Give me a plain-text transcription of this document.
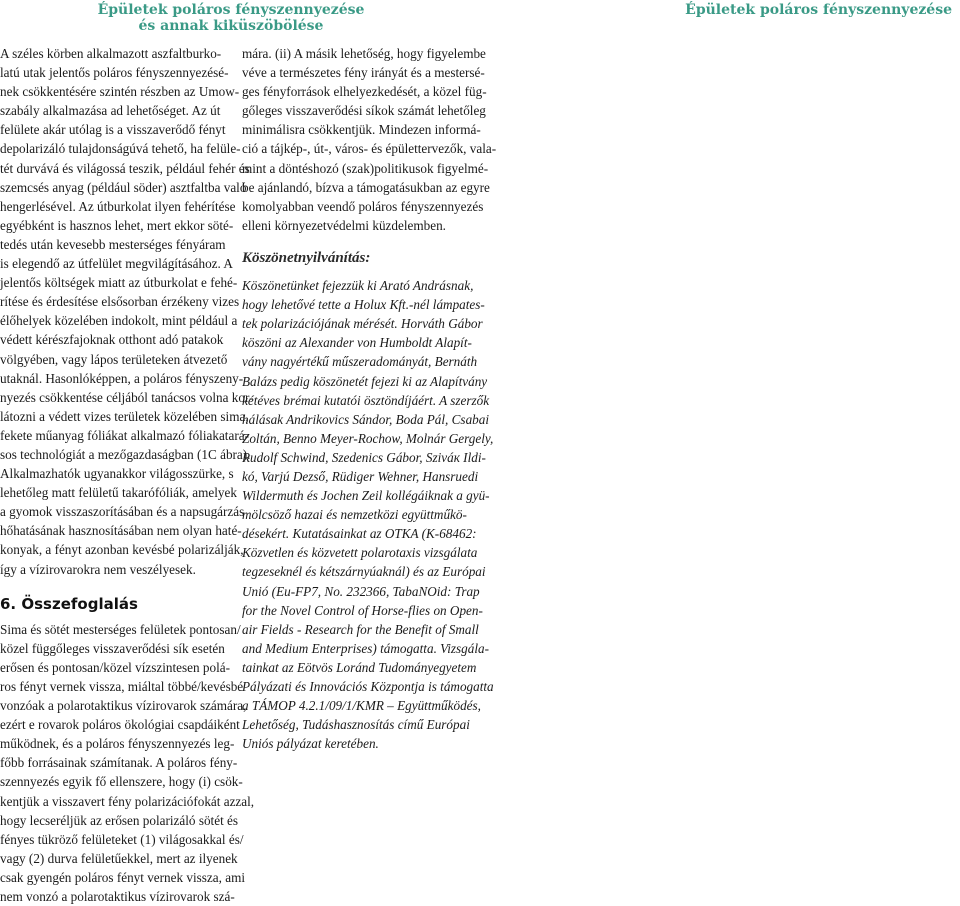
Épületek poláros fényszennyezése
és annak kiküszöbölése
Épületek poláros fényszennyezése

A széles körben alkalmazott aszfaltburko-
latú utak jelentős poláros fényszennyezésé-
nek csökkentésére szintén részben az Umow-
szabály alkalmazása ad lehetőséget. Az út
felülete akár utólag is a visszaverődő fényt
depolarizáló tulajdonságúvá tehető, ha felüle-
tét durvává és világossá teszik, például fehér és
szemcsés anyag (például söder) asztfaltba való
hengerlésével. Az útburkolat ilyen fehérítése
egyébként is hasznos lehet, mert ekkor söté-
tedés után kevesebb mesterséges fényáram
is elegendő az útfelület megvilágításához. A
jelentős költségek miatt az útburkolat e fehé-
rítése és érdesítése elsősorban érzékeny vizes
élőhelyek közelében indokolt, mint például a
védett kérészfajoknak otthont adó patakok
völgyében, vagy lápos területeken átvezető
utaknál. Hasonlóképpen, a poláros fényszeny-
nyezés csökkentése céljából tanácsos volna kor-
látozni a védett vizes területek közelében sima,
fekete műanyag fóliákat alkalmazó fóliakatará-
sos technológiát a mezőgazdaságban (1C ábra).
Alkalmazhatók ugyanakkor világosszürke, s
lehetőleg matt felületű takarófóliák, amelyek
a gyomok visszaszorításában és a napsugárzás
hőhatásának hasznosításában nem olyan haté-
konyak, a fényt azonban kevésbé polarizálják,
így a vízirovarokra nem veszélyesek.

6. Összefoglalás

Sima és sötét mesterséges felületek pontosan/
közel függőleges visszaverődési sík esetén
erősen és pontosan/közel vízszintesen polá-
ros fényt vernek vissza, miáltal többé/kevésbé
vonzóak a polarotaktikus vízirovarok számára,
ezért e rovarok poláros ökológiai csapdáiként
működnek, és a poláros fényszennyezés leg-
főbb forrásainak számítanak. A poláros fény-
szennyezés egyik fő ellenszere, hogy (i) csök-
kentjük a visszavert fény polarizációfokát azzal,
hogy lecseréljük az erősen polarizáló sötét és
fényes tükröző felületeket (1) világosakkal és/
vagy (2) durva felületűekkel, mert az ilyenek
csak gyengén poláros fényt vernek vissza, ami
nem vonzó a polarotaktikus vízirovarok szá-

mára. (ii) A másik lehetőség, hogy figyelembe
véve a természetes fény irányát és a mestersé-
ges fényforrások elhelyezkedését, a közel füg-
gőleges visszaverődési síkok számát lehetőleg
minimálisra csökkentjük. Mindezen informá-
ció a tájkép-, út-, város- és épülettervezők, vala-
mint a döntéshozó (szak)politikusok figyelmé-
be ajánlandó, bízva a támogatásukban az egyre
komolyabban veendő poláros fényszennyezés
elleni környezetvédelmi küzdelemben.

Köszönetnyilvánítás:

Köszönetünket fejezzük ki Arató Andrásnak,
hogy lehetővé tette a Holux Kft.-nél lámpates-
tek polarizációjának mérését. Horváth Gábor
köszöni az Alexander von Humboldt Alapít-
vány nagyértékű műszeradományát, Bernáth
Balázs pedig köszönetét fejezi ki az Alapítvány
kétéves brémai kutatói ösztöndíjáért. A szerzők
hálásak Andrikovics Sándor, Boda Pál, Csabai
Zoltán, Benno Meyer-Rochow, Molnár Gergely,
Rudolf Schwind, Szedenics Gábor, Sziváк Ildi-
kó, Varjú Dezső, Rüdiger Wehner, Hansruedi
Wildermuth és Jochen Zeil kollégáiknak a gyü-
mölcsöző hazai és nemzetközi együttműkö-
désekért. Kutatásainkat az OTKA (K-68462:
Közvetlen és közvetett polarotaxis vizsgálata
tegzeseknél és kétszárnyúaknál) és az Európai
Unió (Eu-FP7, No. 232366, TabaNOid: Trap
for the Novel Control of Horse-flies on Open-
air Fields - Research for the Benefit of Small
and Medium Enterprises) támogatta. Vizsgála-
tainkat az Eötvös Loránd Tudományegyetem
Pályázati és Innovációs Központja is támogatta
a TÁMOP 4.2.1/09/1/KMR – Együttműködés,
Lehetőség, Tudáshasznosítás című Európai
Uniós pályázat keretében.
